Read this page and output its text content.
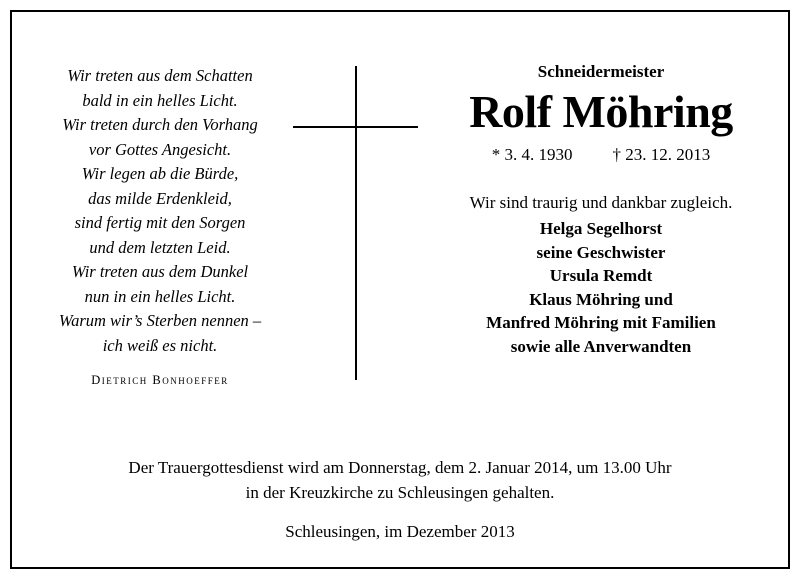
Wir treten aus dem Schatten
bald in ein helles Licht.
Wir treten durch den Vorhang
vor Gottes Angesicht.
Wir legen ab die Bürde,
das milde Erdenkleid,
sind fertig mit den Sorgen
und dem letzten Leid.
Wir treten aus dem Dunkel
nun in ein helles Licht.
Warum wir’s Sterben nennen –
ich weiß es nicht.
Dietrich Bonhoeffer
Schneidermeister
Rolf Möhring
* 3. 4. 1930 † 23. 12. 2013
Wir sind traurig und dankbar zugleich.
Helga Segelhorst
seine Geschwister
Ursula Remdt
Klaus Möhring und
Manfred Möhring mit Familien
sowie alle Anverwandten
Der Trauergottesdienst wird am Donnerstag, dem 2. Januar 2014, um 13.00 Uhr
in der Kreuzkirche zu Schleusingen gehalten.
Schleusingen, im Dezember 2013
